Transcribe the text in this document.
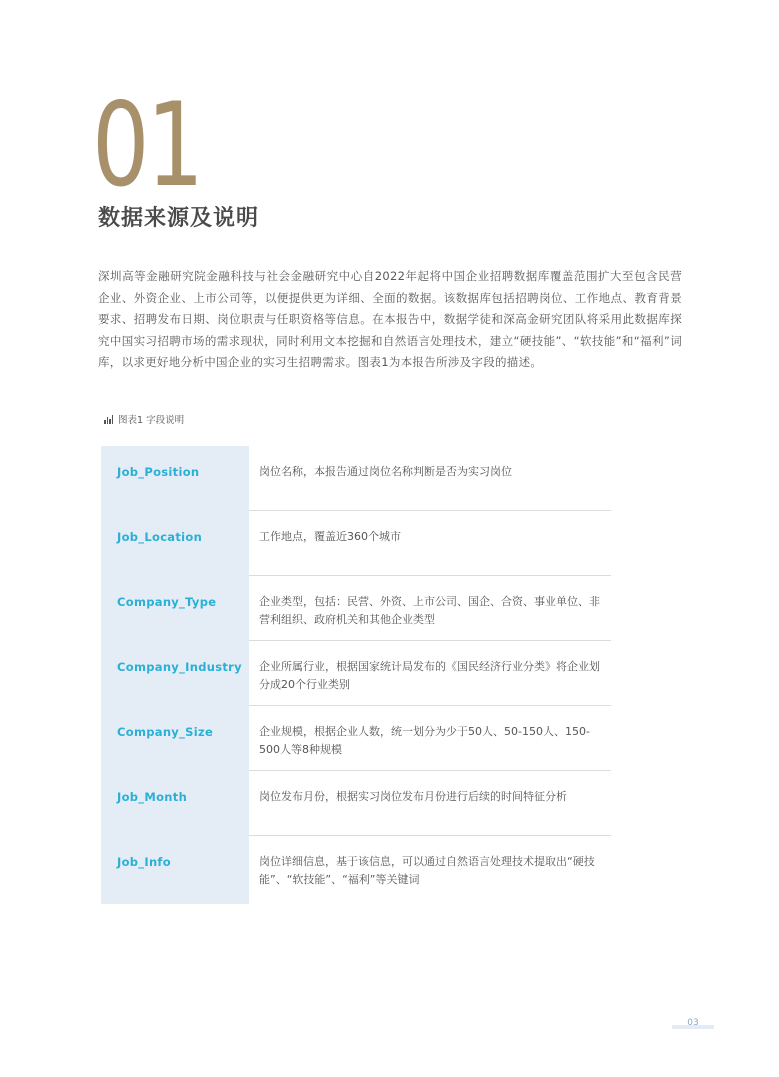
01
数据来源及说明

深圳高等金融研究院金融科技与社会金融研究中心自2022年起将中国企业招聘数据库覆盖范围扩大至包含民营企业、外资企业、上市公司等，以便提供更为详细、全面的数据。该数据库包括招聘岗位、工作地点、教育背景要求、招聘发布日期、岗位职责与任职资格等信息。在本报告中，数据学徒和深高金研究团队将采用此数据库探究中国实习招聘市场的需求现状，同时利用文本挖掘和自然语言处理技术，建立“硬技能”、“软技能”和“福利”词库，以求更好地分析中国企业的实习生招聘需求。图表1为本报告所涉及字段的描述。

图表1 字段说明
Job_Position	岗位名称，本报告通过岗位名称判断是否为实习岗位

Job_Location	工作地点，覆盖近360个城市

Company_Type	企业类型，包括：民营、外资、上市公司、国企、合资、事业单位、非营利组织、政府机关和其他企业类型

Company_Industry 企业所属行业，根据国家统计局发布的《国民经济行业分类》将企业划分成20个行业类别

Company_Size	企业规模，根据企业人数，统一划分为少于50人、50-150人、150-500人等8种规模

Job_Month	岗位发布月份，根据实习岗位发布月份进行后续的时间特征分析

Job_Info	岗位详细信息，基于该信息，可以通过自然语言处理技术提取出“硬技能”、“软技能”、“福利”等关键词

03
